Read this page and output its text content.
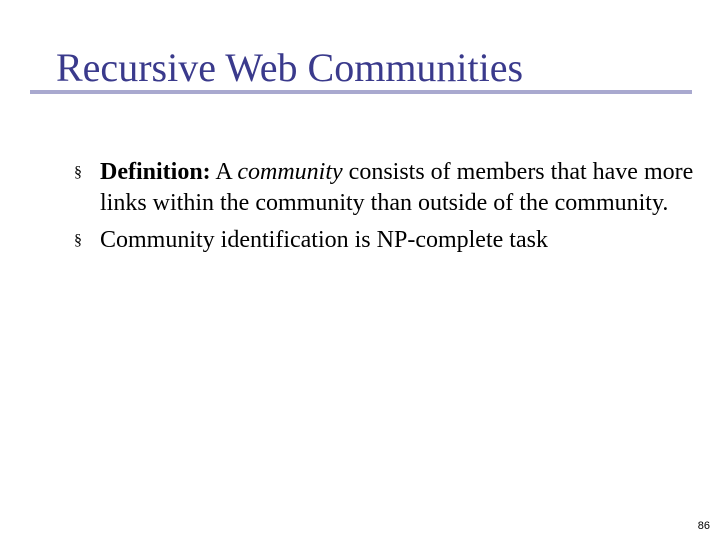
Recursive Web Communities
§ Definition: A community consists of members that have more links within the community than outside of the community.
§ Community identification is NP-complete task
86
